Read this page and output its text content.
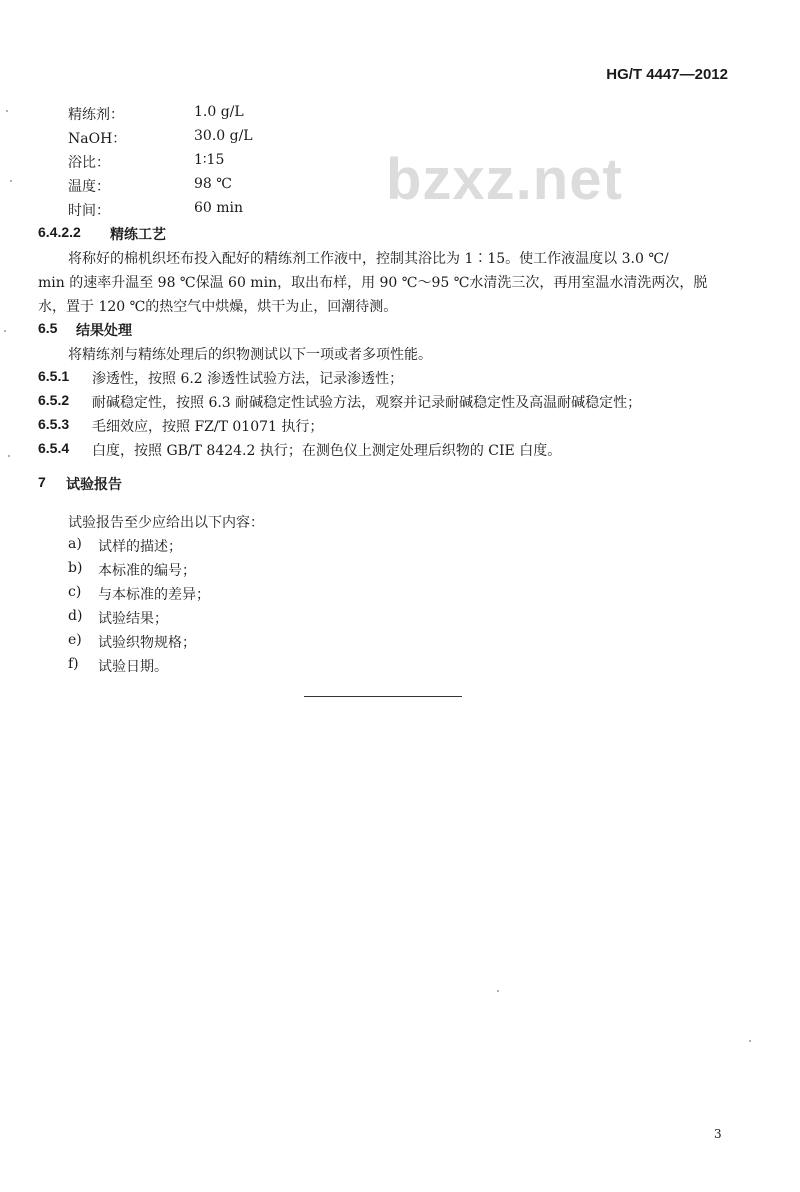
HG/T 4447—2012
bzxz.net
精练剂：	1.0 g/L
NaOH：	30.0 g/L
浴比：	1∶15
温度：	98 ℃
时间：	60 min
6.4.2.2 精练工艺
将称好的棉机织坯布投入配好的精练剂工作液中，控制其浴比为 1∶15。使工作液温度以 3.0 ℃/
min 的速率升温至 98 ℃保温 60 min，取出布样，用 90 ℃～95 ℃水清洗三次，再用室温水清洗两次，脱
水，置于 120 ℃的热空气中烘燥，烘干为止，回潮待测。
6.5 结果处理
将精练剂与精练处理后的织物测试以下一项或者多项性能。
6.5.1 渗透性，按照 6.2 渗透性试验方法，记录渗透性；
6.5.2 耐碱稳定性，按照 6.3 耐碱稳定性试验方法，观察并记录耐碱稳定性及高温耐碱稳定性；
6.5.3 毛细效应，按照 FZ/T 01071 执行；
6.5.4 白度，按照 GB/T 8424.2 执行；在测色仪上测定处理后织物的 CIE 白度。
7 试验报告
试验报告至少应给出以下内容：
a) 试样的描述；
b) 本标准的编号；
c) 与本标准的差异；
d) 试验结果；
e) 试验织物规格；
f) 试验日期。
3
